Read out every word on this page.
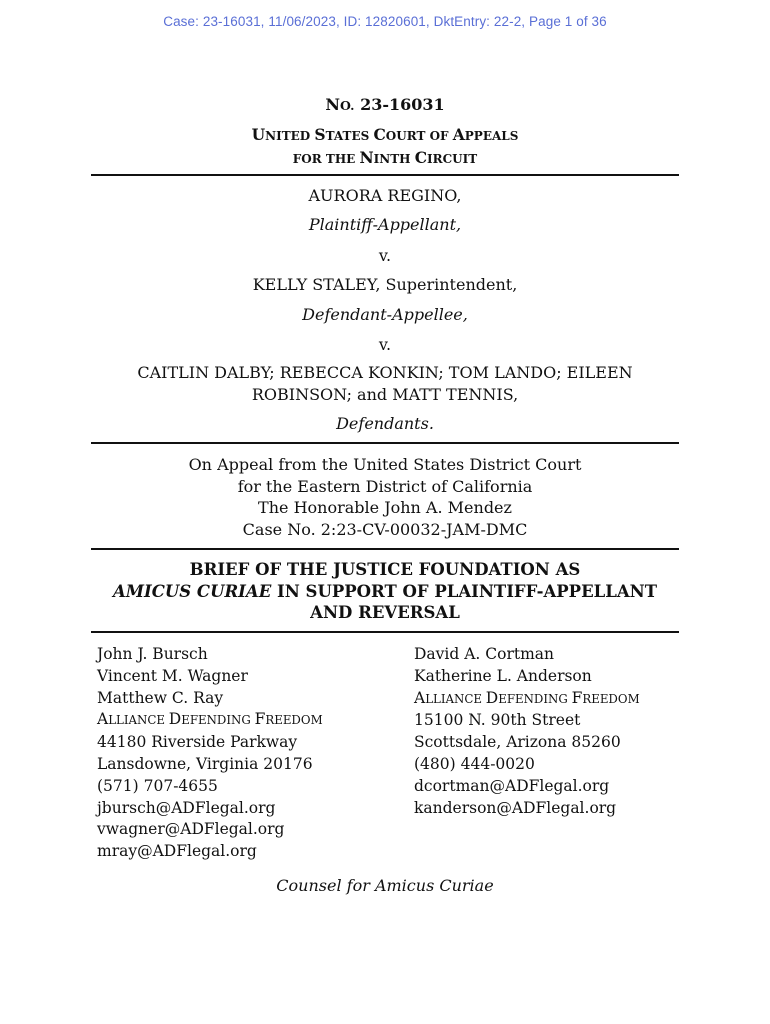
Case: 23-16031, 11/06/2023, ID: 12820601, DktEntry: 22-2, Page 1 of 36
NO. 23-16031
UNITED STATES COURT OF APPEALS
FOR THE NINTH CIRCUIT
AURORA REGINO,
Plaintiff-Appellant,
v.
KELLY STALEY, Superintendent,
Defendant-Appellee,
v.
CAITLIN DALBY; REBECCA KONKIN; TOM LANDO; EILEEN
ROBINSON; and MATT TENNIS,
Defendants.
On Appeal from the United States District Court
for the Eastern District of California
The Honorable John A. Mendez
Case No. 2:23-CV-00032-JAM-DMC
BRIEF OF THE JUSTICE FOUNDATION AS
AMICUS CURIAE IN SUPPORT OF PLAINTIFF-APPELLANT
AND REVERSAL
John J. Bursch
Vincent M. Wagner
Matthew C. Ray
ALLIANCE DEFENDING FREEDOM
44180 Riverside Parkway
Lansdowne, Virginia 20176
(571) 707-4655
jbursch@ADFlegal.org
vwagner@ADFlegal.org
mray@ADFlegal.org
David A. Cortman
Katherine L. Anderson
ALLIANCE DEFENDING FREEDOM
15100 N. 90th Street
Scottsdale, Arizona 85260
(480) 444-0020
dcortman@ADFlegal.org
kanderson@ADFlegal.org
Counsel for Amicus Curiae
